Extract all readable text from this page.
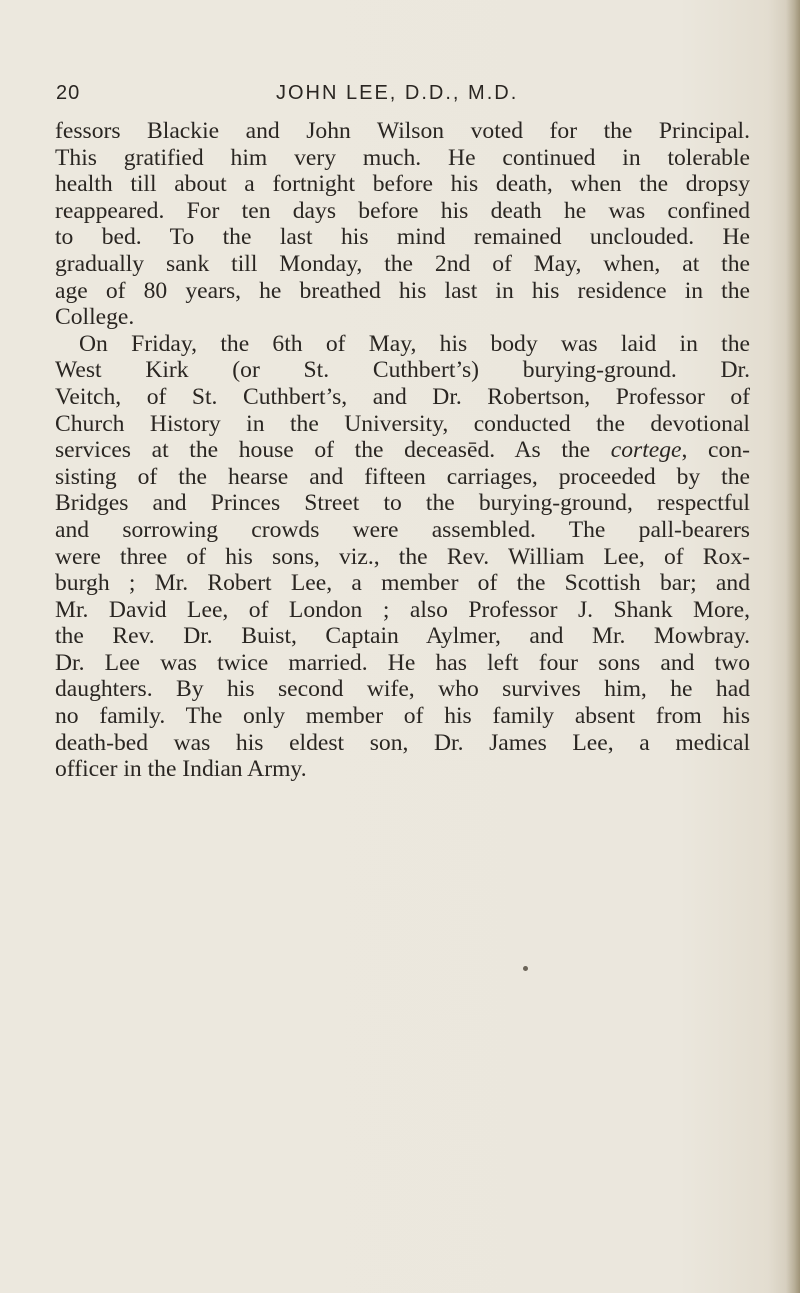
20	JOHN LEE, D.D., M.D.
fessors Blackie and John Wilson voted for the Principal.
This gratified him very much. He continued in tolerable
health till about a fortnight before his death, when the dropsy
reappeared. For ten days before his death he was confined
to bed. To the last his mind remained unclouded. He
gradually sank till Monday, the 2nd of May, when, at the
age of 80 years, he breathed his last in his residence in the
College.
On Friday, the 6th of May, his body was laid in the
West Kirk (or St. Cuthbert’s) burying-ground. Dr.
Veitch, of St. Cuthbert’s, and Dr. Robertson, Professor of
Church History in the University, conducted the devotional
services at the house of the deceasēd. As the cortege, con-
sisting of the hearse and fifteen carriages, proceeded by the
Bridges and Princes Street to the burying-ground, respectful
and sorrowing crowds were assembled. The pall-bearers
were three of his sons, viz., the Rev. William Lee, of Rox-
burgh ; Mr. Robert Lee, a member of the Scottish bar; and
Mr. David Lee, of London ; also Professor J. Shank More,
the Rev. Dr. Buist, Captain Aylmer, and Mr. Mowbray.
Dr. Lee was twice married. He has left four sons and two
daughters. By his second wife, who survives him, he had
no family. The only member of his family absent from his
death-bed was his eldest son, Dr. James Lee, a medical
officer in the Indian Army.
